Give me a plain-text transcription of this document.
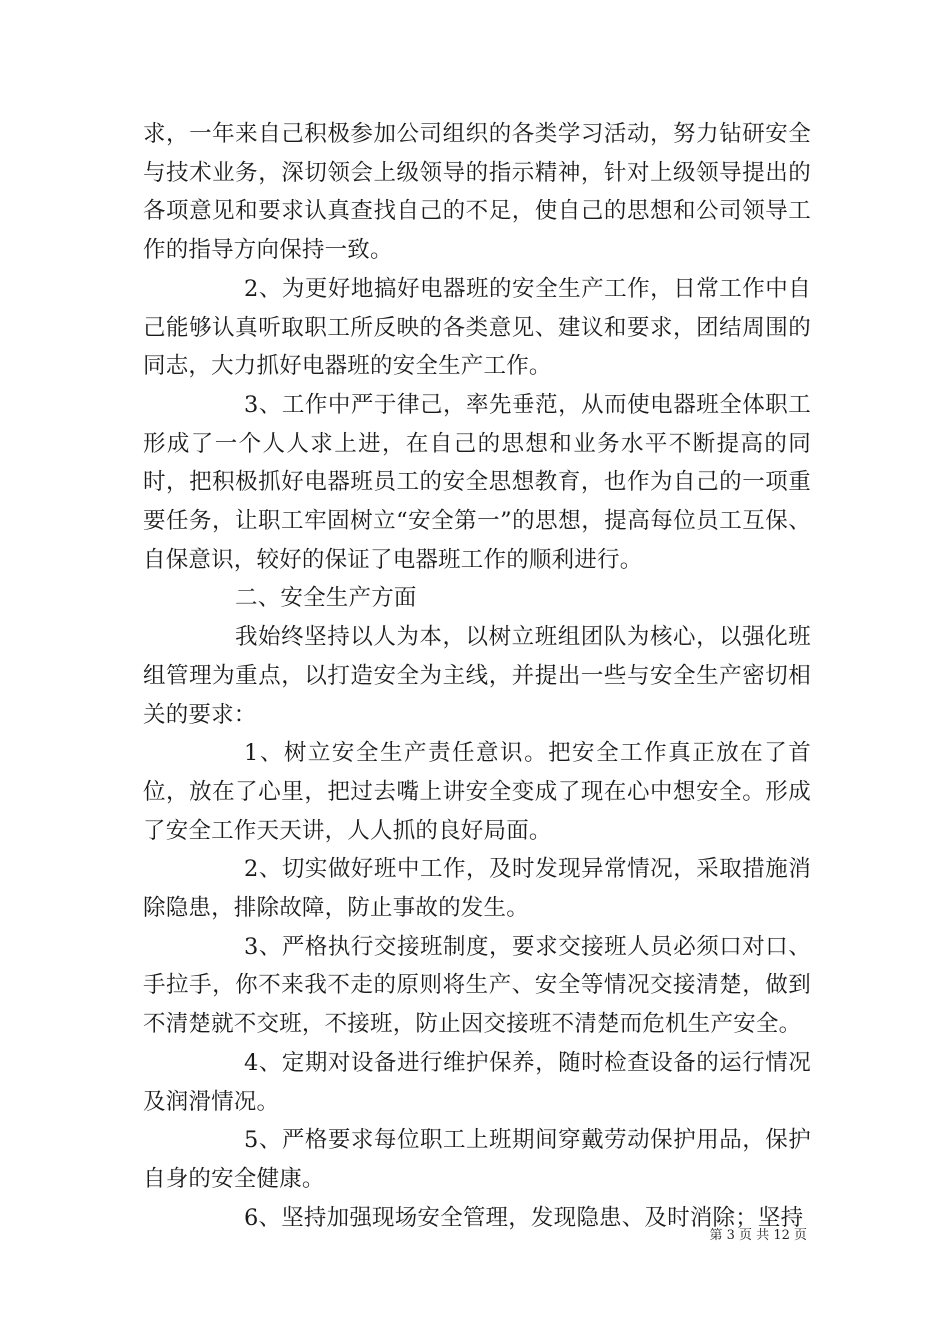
求，一年来自己积极参加公司组织的各类学习活动，努力钻研安全与技术业务，深切领会上级领导的指示精神，针对上级领导提出的各项意见和要求认真查找自己的不足，使自己的思想和公司领导工作的指导方向保持一致。

2、为更好地搞好电器班的安全生产工作，日常工作中自己能够认真听取职工所反映的各类意见、建议和要求，团结周围的同志，大力抓好电器班的安全生产工作。

3、工作中严于律己，率先垂范，从而使电器班全体职工形成了一个人人求上进，在自己的思想和业务水平不断提高的同时，把积极抓好电器班员工的安全思想教育，也作为自己的一项重要任务，让职工牢固树立“安全第一”的思想，提高每位员工互保、自保意识，较好的保证了电器班工作的顺利进行。

二、安全生产方面

我始终坚持以人为本，以树立班组团队为核心，以强化班组管理为重点，以打造安全为主线，并提出一些与安全生产密切相关的要求：

1、树立安全生产责任意识。把安全工作真正放在了首位，放在了心里，把过去嘴上讲安全变成了现在心中想安全。形成了安全工作天天讲，人人抓的良好局面。

2、切实做好班中工作，及时发现异常情况，采取措施消除隐患，排除故障，防止事故的发生。

3、严格执行交接班制度，要求交接班人员必须口对口、手拉手，你不来我不走的原则将生产、安全等情况交接清楚，做到不清楚就不交班，不接班，防止因交接班不清楚而危机生产安全。

4、定期对设备进行维护保养，随时检查设备的运行情况及润滑情况。

5、严格要求每位职工上班期间穿戴劳动保护用品，保护自身的安全健康。

6、坚持加强现场安全管理，发现隐患、及时消除；坚持

第 3 页 共 12 页
